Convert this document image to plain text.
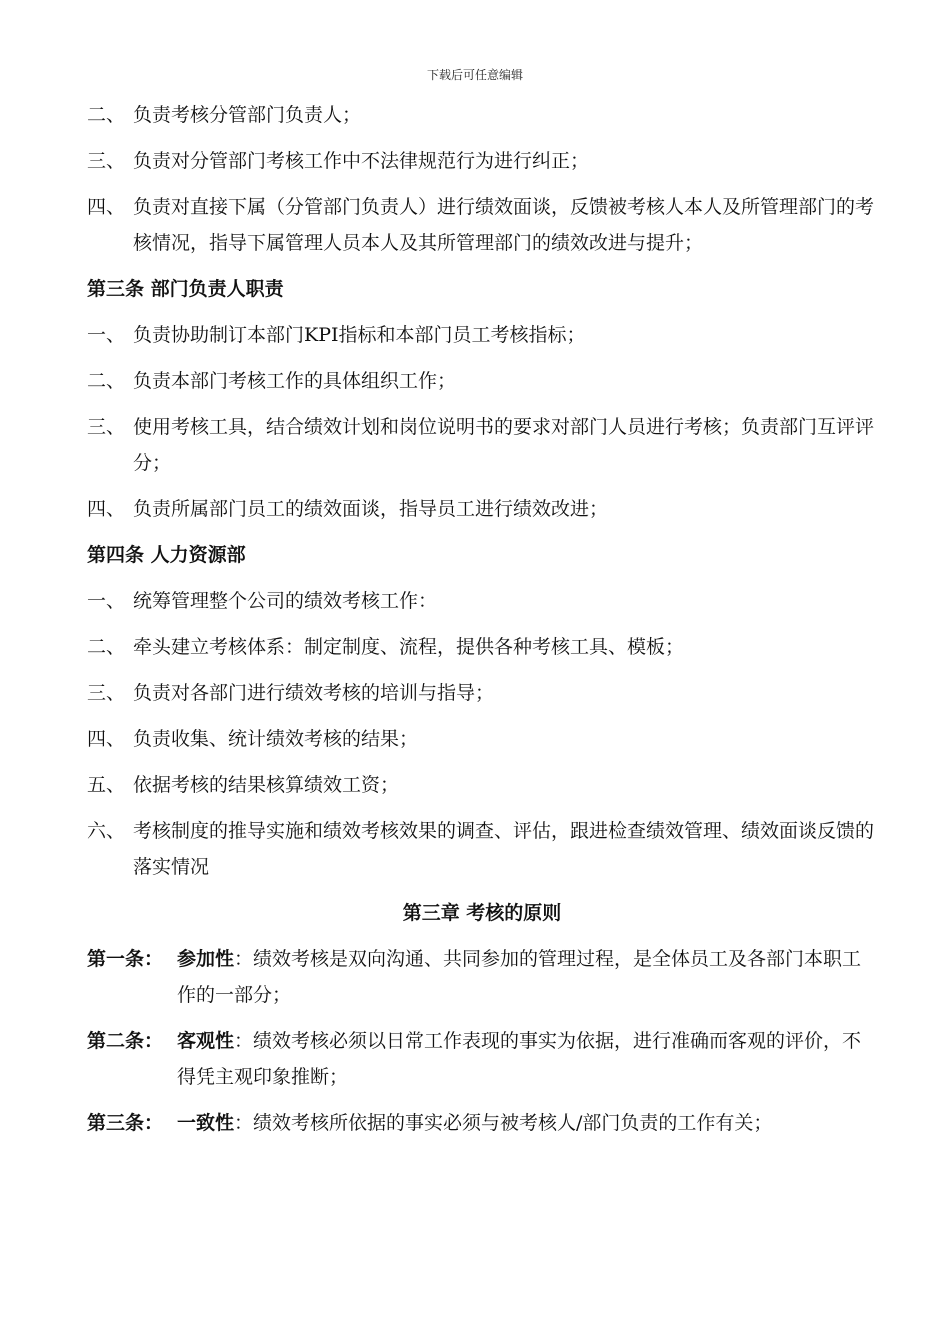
下载后可任意编辑
二、 负责考核分管部门负责人；
三、 负责对分管部门考核工作中不法律规范行为进行纠正；
四、 负责对直接下属（分管部门负责人）进行绩效面谈，反馈被考核人本人及所管理部门的考核情况，指导下属管理人员本人及其所管理部门的绩效改进与提升；
第三条 部门负责人职责
一、 负责协助制订本部门KPI指标和本部门员工考核指标；
二、 负责本部门考核工作的具体组织工作；
三、 使用考核工具，结合绩效计划和岗位说明书的要求对部门人员进行考核；负责部门互评评分；
四、 负责所属部门员工的绩效面谈，指导员工进行绩效改进；
第四条 人力资源部
一、 统筹管理整个公司的绩效考核工作：
二、 牵头建立考核体系：制定制度、流程，提供各种考核工具、模板；
三、 负责对各部门进行绩效考核的培训与指导；
四、 负责收集、统计绩效考核的结果；
五、 依据考核的结果核算绩效工资；
六、 考核制度的推导实施和绩效考核效果的调查、评估，跟进检查绩效管理、绩效面谈反馈的落实情况
第三章 考核的原则
第一条： 参加性：绩效考核是双向沟通、共同参加的管理过程，是全体员工及各部门本职工作的一部分；
第二条： 客观性：绩效考核必须以日常工作表现的事实为依据，进行准确而客观的评价，不得凭主观印象推断；
第三条： 一致性：绩效考核所依据的事实必须与被考核人/部门负责的工作有关；
